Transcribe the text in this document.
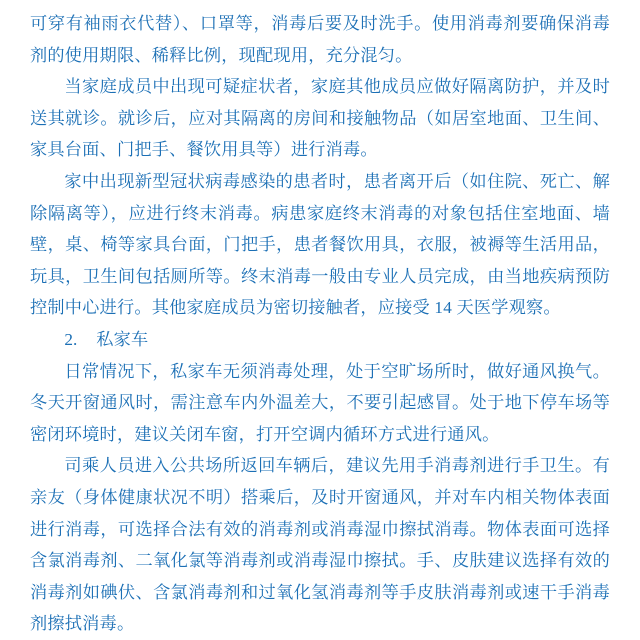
可穿有袖雨衣代替）、口罩等，消毒后要及时洗手。使用消毒剂要确保消毒剂的使用期限、稀释比例，现配现用，充分混匀。

当家庭成员中出现可疑症状者，家庭其他成员应做好隔离防护，并及时送其就诊。就诊后，应对其隔离的房间和接触物品（如居室地面、卫生间、家具台面、门把手、餐饮用具等）进行消毒。

家中出现新型冠状病毒感染的患者时，患者离开后（如住院、死亡、解除隔离等），应进行终末消毒。病患家庭终末消毒的对象包括住室地面、墙壁，桌、椅等家具台面，门把手，患者餐饮用具，衣服，被褥等生活用品，玩具，卫生间包括厕所等。终末消毒一般由专业人员完成，由当地疾病预防控制中心进行。其他家庭成员为密切接触者，应接受 14 天医学观察。

2. 私家车

日常情况下，私家车无须消毒处理，处于空旷场所时，做好通风换气。冬天开窗通风时，需注意车内外温差大，不要引起感冒。处于地下停车场等密闭环境时，建议关闭车窗，打开空调内循环方式进行通风。

司乘人员进入公共场所返回车辆后，建议先用手消毒剂进行手卫生。有亲友（身体健康状况不明）搭乘后，及时开窗通风，并对车内相关物体表面进行消毒，可选择合法有效的消毒剂或消毒湿巾擦拭消毒。物体表面可选择含氯消毒剂、二氧化氯等消毒剂或消毒湿巾擦拭。手、皮肤建议选择有效的消毒剂如碘伏、含氯消毒剂和过氧化氢消毒剂等手皮肤消毒剂或速干手消毒剂擦拭消毒。
